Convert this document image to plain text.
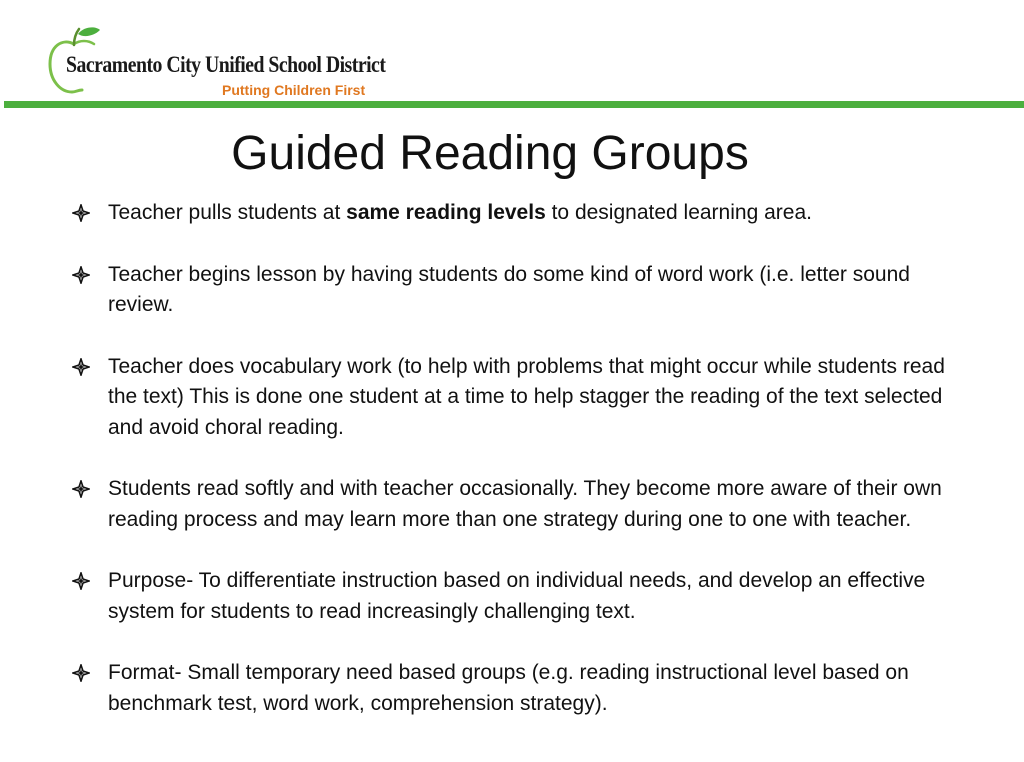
Sacramento City Unified School District
Putting Children First
Guided Reading Groups
Teacher pulls students at same reading levels to designated learning area.
Teacher begins lesson by having students do some kind of word work (i.e. letter sound review.
Teacher does vocabulary work (to help with problems that might occur while students read the text) This is done one student at a time to help stagger the reading of the text selected and avoid choral reading.
Students read softly and with teacher occasionally. They become more aware of their own reading process and may learn more than one strategy during one to one with teacher.
Purpose- To differentiate instruction based on individual needs, and develop an effective system for students to read increasingly challenging text.
Format- Small temporary need based groups (e.g. reading instructional level based on benchmark test, word work, comprehension strategy).
